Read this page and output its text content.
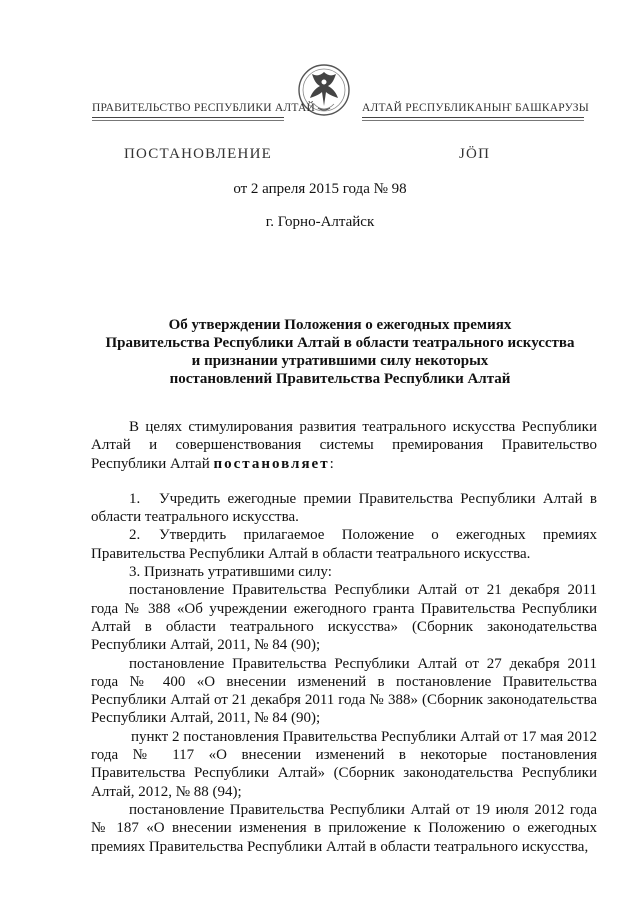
ПРАВИТЕЛЬСТВО РЕСПУБЛИКИ АЛТАЙ	АЛТАЙ РЕСПУБЛИКАНЫҤ БАШКАРУЗЫ
ПОСТАНОВЛЕНИЕ	ЈÖП
от 2 апреля 2015 года № 98
г. Горно-Алтайск
Об утверждении Положения о ежегодных премиях
Правительства Республики Алтай в области театрального искусства
и признании утратившими силу некоторых
постановлений Правительства Республики Алтай

В целях стимулирования развития театрального искусства Республики Алтай и совершенствования системы премирования Правительство Республики Алтай постановляет:

1. Учредить ежегодные премии Правительства Республики Алтай в области театрального искусства.

2. Утвердить прилагаемое Положение о ежегодных премиях Правительства Республики Алтай в области театрального искусства.

3. Признать утратившими силу:

постановление Правительства Республики Алтай от 21 декабря 2011 года № 388 «Об учреждении ежегодного гранта Правительства Республики Алтай в области театрального искусства» (Сборник законодательства Республики Алтай, 2011, № 84 (90);

постановление Правительства Республики Алтай от 27 декабря 2011 года № 400 «О внесении изменений в постановление Правительства Республики Алтай от 21 декабря 2011 года № 388» (Сборник законодательства Республики Алтай, 2011, № 84 (90);

пункт 2 постановления Правительства Республики Алтай от 17 мая 2012 года № 117 «О внесении изменений в некоторые постановления Правительства Республики Алтай» (Сборник законодательства Республики Алтай, 2012, № 88 (94);

постановление Правительства Республики Алтай от 19 июля 2012 года № 187 «О внесении изменения в приложение к Положению о ежегодных премиях Правительства Республики Алтай в области театрального искусства,
